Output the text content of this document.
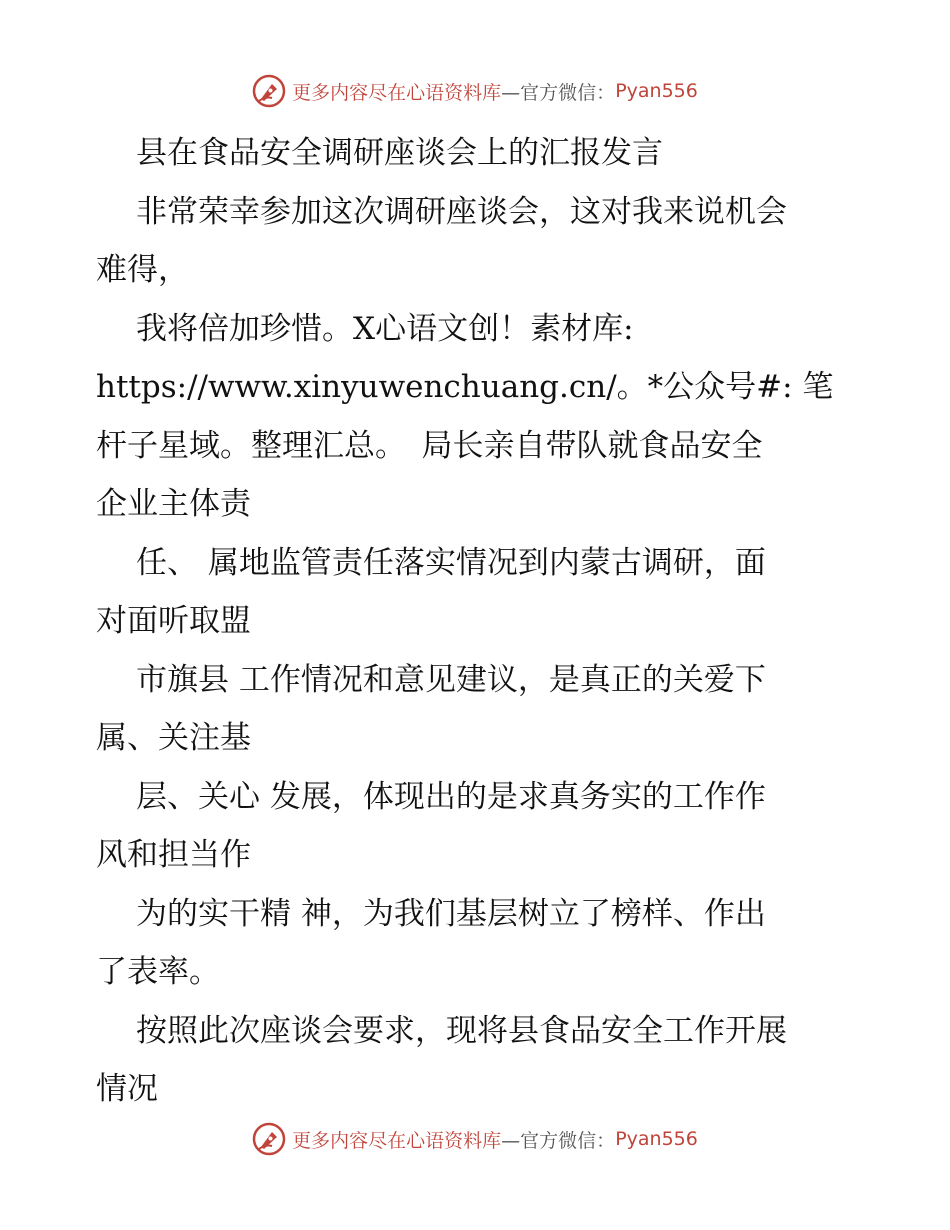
更多内容尽在心语资料库 —官方微信： Pyan556
县在食品安全调研座谈会上的汇报发言
非常荣幸参加这次调研座谈会，这对我来说机会
难得，
我将倍加珍惜。X心语文创！素材库:
https://www.xinyuwenchuang.cn/。*公众号#: 笔
杆子星域。整理汇总。　局长亲自带队就食品安全
企业主体责
任、 属地监管责任落实情况到内蒙古调研，面
对面听取盟
市旗县 工作情况和意见建议，是真正的关爱下
属、关注基
层、关心 发展，体现出的是求真务实的工作作
风和担当作
为的实干精 神，为我们基层树立了榜样、作出
了表率。
按照此次座谈会要求，现将县食品安全工作开展
情况
更多内容尽在心语资料库 —官方微信： Pyan556
